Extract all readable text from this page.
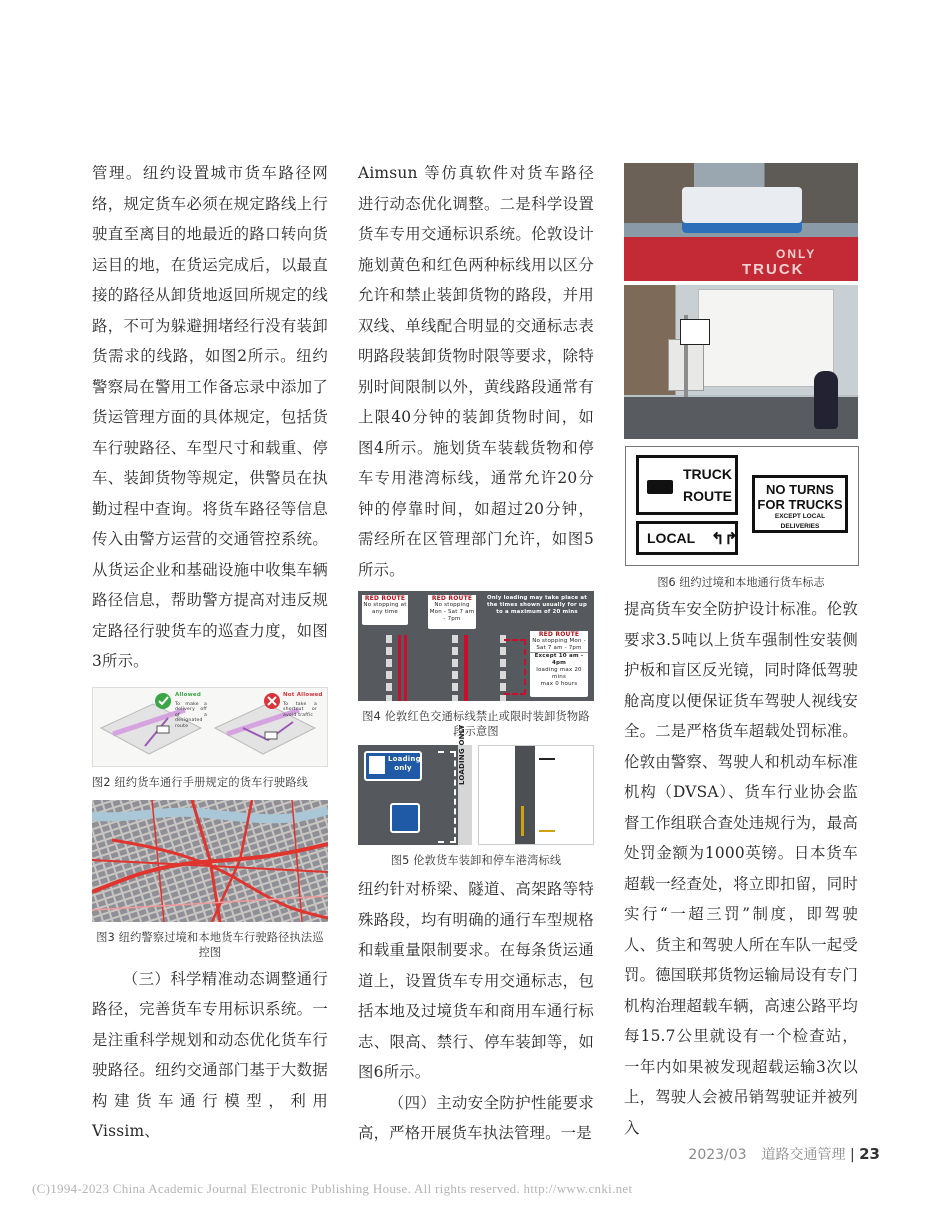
管理。纽约设置城市货车路径网络，规定货车必须在规定路线上行驶直至离目的地最近的路口转向货运目的地，在货运完成后，以最直接的路径从卸货地返回所规定的线路，不可为躲避拥堵经行没有装卸货需求的线路，如图2所示。纽约警察局在警用工作备忘录中添加了货运管理方面的具体规定，包括货车行驶路径、车型尺寸和载重、停车、装卸货物等规定，供警员在执勤过程中查询。将货车路径等信息传入由警方运营的交通管控系统。从货运企业和基础设施中收集车辆路径信息，帮助警方提高对违反规定路径行驶货车的巡查力度，如图3所示。

Allowed
To make a delivery off of a designated route
Not Allowed
To take a shortcut or avoid traffic
图2 纽约货车通行手册规定的货车行驶路线
图3 纽约警察过境和本地货车行驶路径执法巡控图

（三）科学精准动态调整通行路径，完善货车专用标识系统。一是注重科学规划和动态优化货车行驶路径。纽约交通部门基于大数据构建货车通行模型，利用 Vissim、

Aimsun 等仿真软件对货车路径进行动态优化调整。二是科学设置货车专用交通标识系统。伦敦设计施划黄色和红色两种标线用以区分允许和禁止装卸货物的路段，并用双线、单线配合明显的交通标志表明路段装卸货物时限等要求，除特别时间限制以外，黄线路段通常有上限40分钟的装卸货物时间，如图4所示。施划货车装载货物和停车专用港湾标线，通常允许20分钟的停靠时间，如超过20分钟，需经所在区管理部门允许，如图5所示。

RED ROUTE
No stopping at any time
RED ROUTE
No stopping Mon - Sat 7 am - 7pm
Only loading may take place at the times shown usually for up to a maximum of 20 mins
RED ROUTE
No stopping Mon - Sat 7 am - 7pm
Except 10 am - 4pm
loading max 20 mins
max 0 hours
图4 伦敦红色交通标线禁止或限时装卸货物路段示意图
Loading only	LOADING ONLY
图5 伦敦货车装卸和停车港湾标线

纽约针对桥梁、隧道、高架路等特殊路段，均有明确的通行车型规格和载重量限制要求。在每条货运通道上，设置货车专用交通标志，包括本地及过境货车和商用车通行标志、限高、禁行、停车装卸等，如图6所示。

（四）主动安全防护性能要求高，严格开展货车执法管理。一是

ONLY
TRUCK
TRUCK
ROUTE
LOCAL ↰↱
NO TURNS
FOR TRUCKS
EXCEPT LOCAL DELIVERIES
图6 纽约过境和本地通行货车标志

提高货车安全防护设计标准。伦敦要求3.5吨以上货车强制性安装侧护板和盲区反光镜，同时降低驾驶舱高度以便保证货车驾驶人视线安全。二是严格货车超载处罚标准。伦敦由警察、驾驶人和机动车标准机构（DVSA）、货车行业协会监督工作组联合查处违规行为，最高处罚金额为1000英镑。日本货车超载一经查处，将立即扣留，同时实行“一超三罚”制度，即驾驶人、货主和驾驶人所在车队一起受罚。德国联邦货物运输局设有专门机构治理超载车辆，高速公路平均每15.7公里就设有一个检查站，一年内如果被发现超载运输3次以上，驾驶人会被吊销驾驶证并被列入

2023/03 道路交通管理 | 23
(C)1994-2023 China Academic Journal Electronic Publishing House. All rights reserved. http://www.cnki.net
